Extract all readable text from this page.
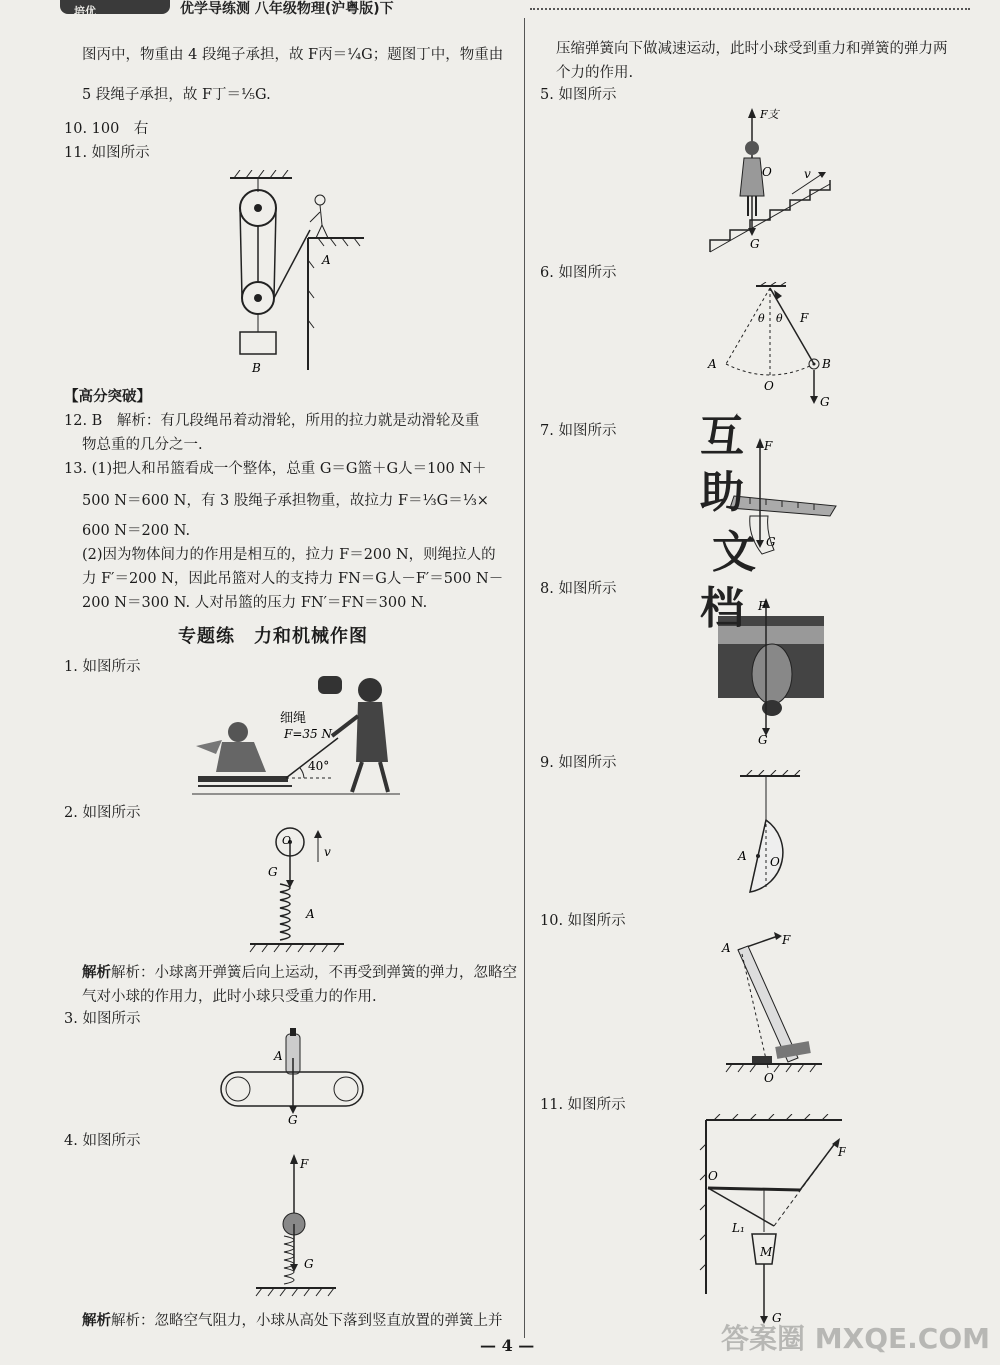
培优	优学导练测 八年级物理(沪粤版)下
图丙中，物重由 4 段绳子承担，故 F丙＝¼G；题图丁中，物重由
5 段绳子承担，故 F丁＝⅕G.
10. 100　右
11. 如图所示
B
A
【高分突破】
12. B　解析：有几段绳吊着动滑轮，所用的拉力就是动滑轮及重
物总重的几分之一.
13. (1)把人和吊篮看成一个整体，总重 G＝G篮＋G人＝100 N＋
500 N＝600 N，有 3 股绳子承担物重，故拉力 F＝⅓G＝⅓×
600 N＝200 N.
(2)因为物体间力的作用是相互的，拉力 F＝200 N，则绳拉人的
力 F′＝200 N，因此吊篮对人的支持力 FN＝G人－F′＝500 N－
200 N＝300 N. 人对吊篮的压力 FN′＝FN＝300 N.
专题练　力和机械作图
1. 如图所示
细绳
F=35 N
40°
2. 如图所示
v
O
G
A
解析解析：小球离开弹簧后向上运动，不再受到弹簧的弹力，忽略空
气对小球的作用力，此时小球只受重力的作用.
3. 如图所示
A
G
4. 如图所示
F
G
解析解析：忽略空气阻力，小球从高处下落到竖直放置的弹簧上并
压缩弹簧向下做减速运动，此时小球受到重力和弹簧的弹力两
个力的作用.
5. 如图所示
F支
O
G
v
6. 如图所示
F
θ θ
A
O
B
G
7. 如图所示
F
G
互
助
8. 如图所示
F
G
文
档
9. 如图所示
A O
10. 如图所示
A
F
O
11. 如图所示
O
F
L₁
M
G
— 4 —	答案圈 MXQE.COM
